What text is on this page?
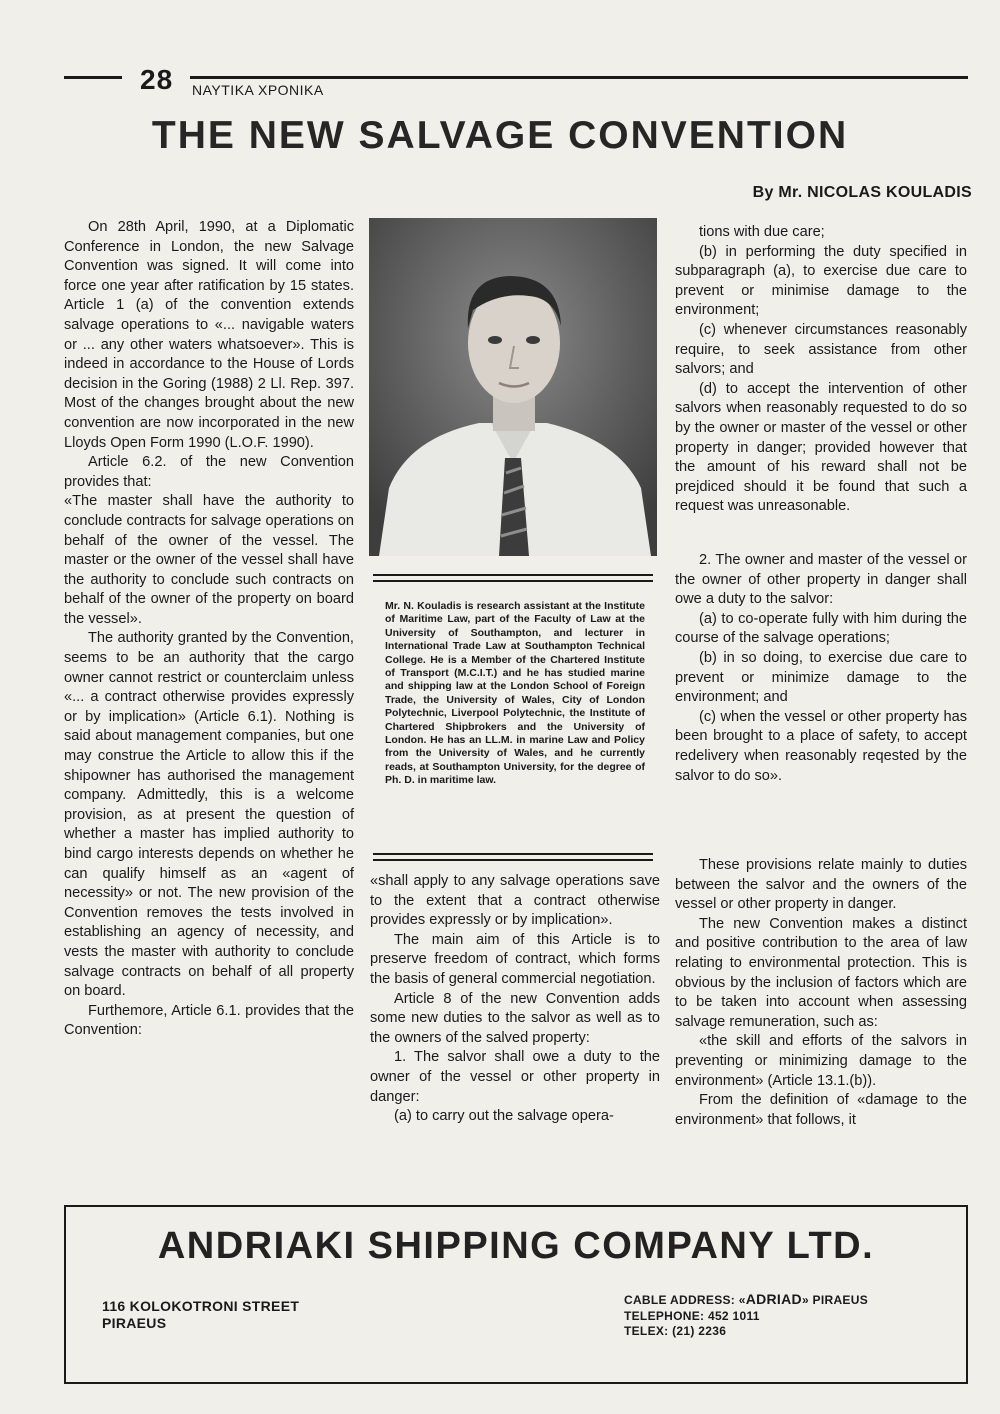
28 ΝΑΥΤΙΚΑ ΧΡΟΝΙΚΑ
THE NEW SALVAGE CONVENTION
By Mr. NICOLAS KOULADIS

On 28th April, 1990, at a Diplomatic Conference in London, the new Salvage Convention was signed. It will come into force one year after ratification by 15 states. Article 1 (a) of the convention extends salvage operations to «... navigable waters or ... any other waters whatsoever». This is indeed in accordance to the House of Lords decision in the Goring (1988) 2 Ll. Rep. 397. Most of the changes brought about the new convention are now incorporated in the new Lloyds Open Form 1990 (L.O.F. 1990).

Article 6.2. of the new Convention provides that:

«The master shall have the authority to conclude contracts for salvage operations on behalf of the owner of the vessel. The master or the owner of the vessel shall have the authority to conclude such contracts on behalf of the owner of the property on board the vessel».

The authority granted by the Convention, seems to be an authority that the cargo owner cannot restrict or counterclaim unless «... a contract otherwise provides expressly or by implication» (Article 6.1). Nothing is said about management companies, but one may construe the Article to allow this if the shipowner has authorised the management company. Admittedly, this is a welcome provision, as at present the question of whether a master has implied authority to bind cargo interests depends on whether he can qualify himself as an «agent of necessity» or not. The new provision of the Convention removes the tests involved in establishing an agency of necessity, and vests the master with authority to conclude salvage contracts on behalf of all property on board.

Furthemore, Article 6.1. provides that the Convention:

Mr. N. Kouladis is research assistant at the Institute of Maritime Law, part of the Faculty of Law at the University of Southampton, and lecturer in International Trade Law at Southampton Technical College. He is a Member of the Chartered Institute of Transport (M.C.I.T.) and he has studied marine and shipping law at the London School of Foreign Trade, the University of Wales, City of London Polytechnic, Liverpool Polytechnic, the Institute of Chartered Shipbrokers and the University of London. He has an LL.M. in marine Law and Policy from the University of Wales, and he currently reads, at Southampton University, for the degree of Ph. D. in maritime law.

«shall apply to any salvage operations save to the extent that a contract otherwise provides expressly or by implication».

The main aim of this Article is to preserve freedom of contract, which forms the basis of general commercial negotiation.

Article 8 of the new Convention adds some new duties to the salvor as well as to the owners of the salved property:

1. The salvor shall owe a duty to the owner of the vessel or other property in danger:

(a) to carry out the salvage opera-

tions with due care;

(b) in performing the duty specified in subparagraph (a), to exercise due care to prevent or minimise damage to the environment;

(c) whenever circumstances reasonably require, to seek assistance from other salvors; and

(d) to accept the intervention of other salvors when reasonably requested to do so by the owner or master of the vessel or other property in danger; provided however that the amount of his reward shall not be prejdiced should it be found that such a request was unreasonable.

2. The owner and master of the vessel or the owner of other property in danger shall owe a duty to the salvor:

(a) to co-operate fully with him during the course of the salvage operations;

(b) in so doing, to exercise due care to prevent or minimize damage to the environment; and

(c) when the vessel or other property has been brought to a place of safety, to accept redelivery when reasonably reqested by the salvor to do so».

These provisions relate mainly to duties between the salvor and the owners of the vessel or other property in danger.

The new Convention makes a distinct and positive contribution to the area of law relating to environmental protection. This is obvious by the inclusion of factors which are to be taken into account when assessing salvage remuneration, such as:

«the skill and efforts of the salvors in preventing or minimizing damage to the environment» (Article 13.1.(b)).

From the definition of «damage to the environment» that follows, it

ANDRIAKI SHIPPING COMPANY LTD.
116 KOLOKOTRONI STREET
PIRAEUS
CABLE ADDRESS: «ADRIAD» PIRAEUS
TELEPHONE: 452 1011
TELEX: (21) 2236
